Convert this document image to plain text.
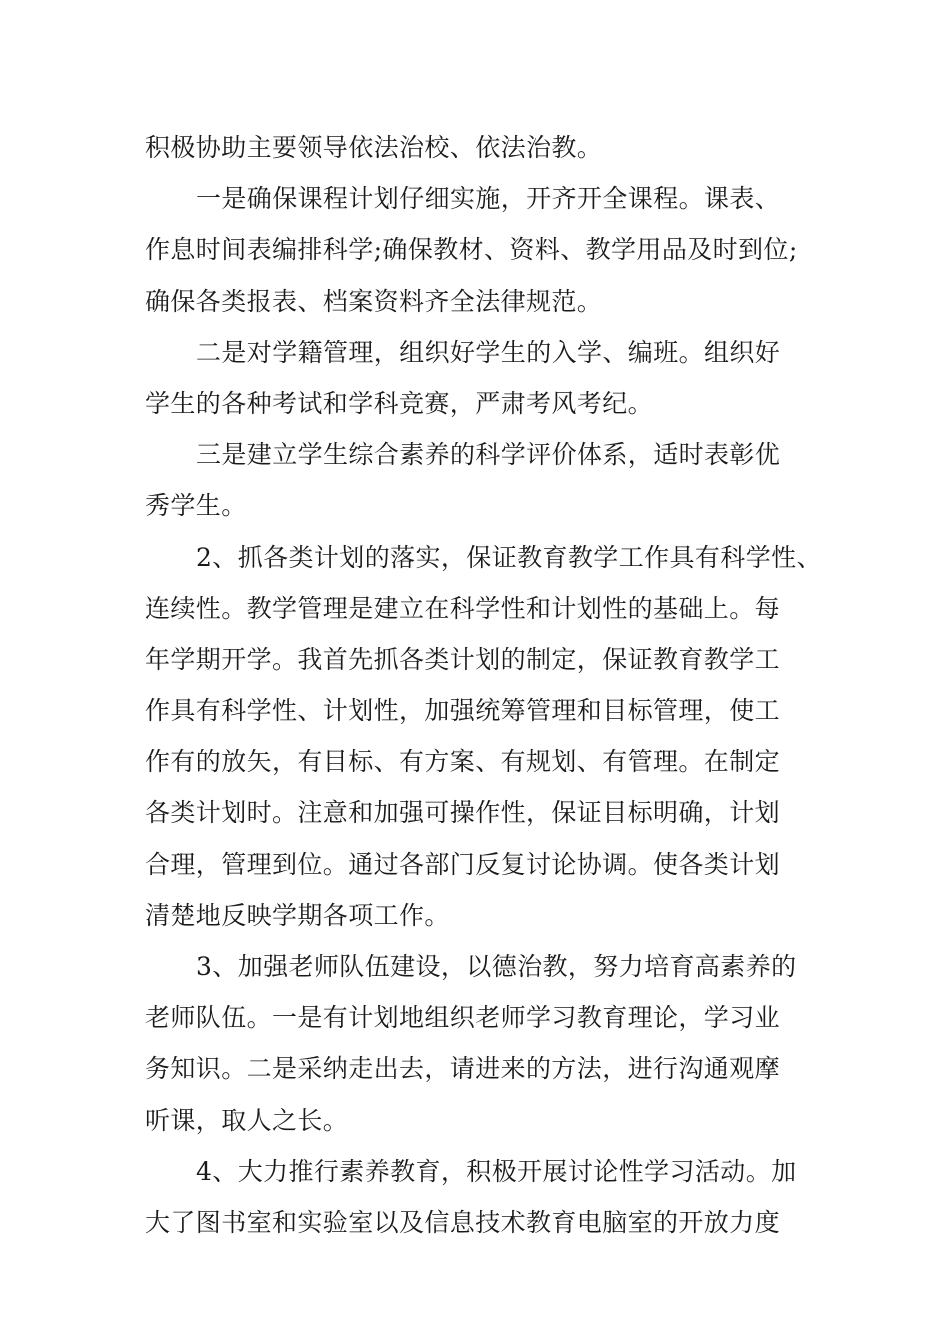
积极协助主要领导依法治校、依法治教。
一是确保课程计划仔细实施，开齐开全课程。课表、
作息时间表编排科学;确保教材、资料、教学用品及时到位;
确保各类报表、档案资料齐全法律规范。
二是对学籍管理，组织好学生的入学、编班。组织好
学生的各种考试和学科竞赛，严肃考风考纪。
三是建立学生综合素养的科学评价体系，适时表彰优
秀学生。
2、抓各类计划的落实，保证教育教学工作具有科学性、
连续性。教学管理是建立在科学性和计划性的基础上。每
年学期开学。我首先抓各类计划的制定，保证教育教学工
作具有科学性、计划性，加强统筹管理和目标管理，使工
作有的放矢，有目标、有方案、有规划、有管理。在制定
各类计划时。注意和加强可操作性，保证目标明确，计划
合理，管理到位。通过各部门反复讨论协调。使各类计划
清楚地反映学期各项工作。
3、加强老师队伍建设，以德治教，努力培育高素养的
老师队伍。一是有计划地组织老师学习教育理论，学习业
务知识。二是采纳走出去，请进来的方法，进行沟通观摩
听课，取人之长。
4、大力推行素养教育，积极开展讨论性学习活动。加
大了图书室和实验室以及信息技术教育电脑室的开放力度
